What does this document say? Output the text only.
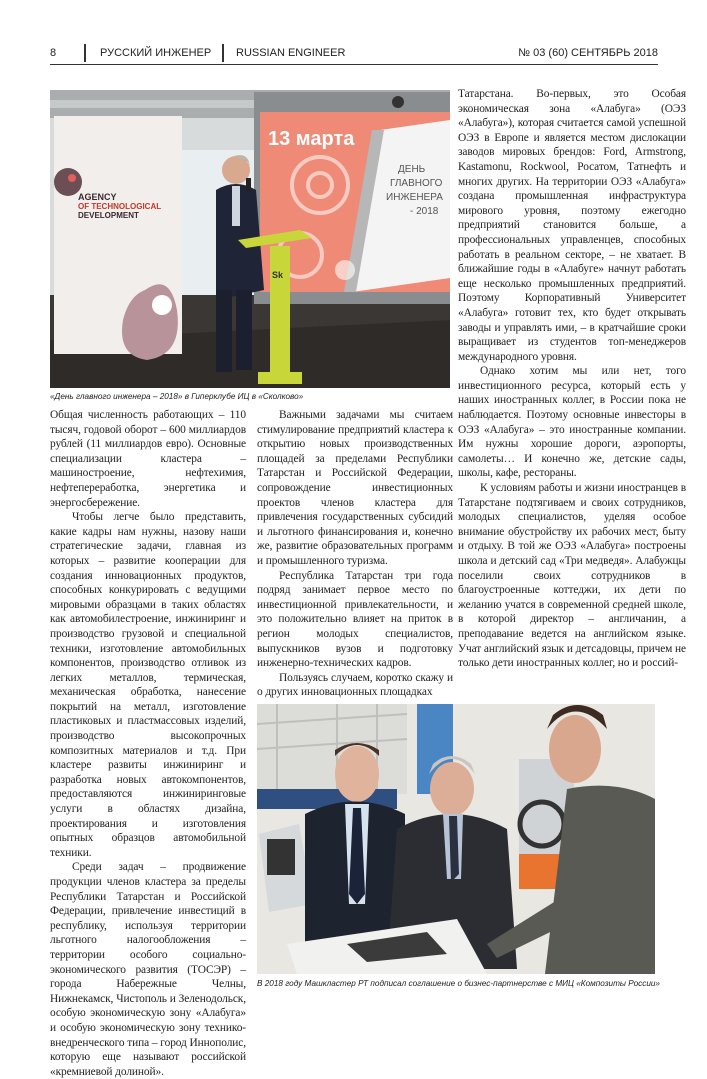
8	РУССКИЙ ИНЖЕНЕР RUSSIAN ENGINEER	№ 03 (60) СЕНТЯБРЬ 2018
AGENCY
OF TECHNOLOGICAL
DEVELOPMENT
13 марта
ДЕНЬ
ГЛАВНОГО
ИНЖЕНЕРА
- 2018
Sk
«День главного инженера – 2018» в Гиперклубе ИЦ в «Сколково»

Татарстана. Во-первых, это Особая экономическая зона «Алабуга» (ОЭЗ «Алабуга»), которая считается самой успешной ОЭЗ в Европе и является местом дислокации заводов мировых брендов: Ford, Armstrong, Kastamonu, Rockwool, Росатом, Татнефть и многих других. На территории ОЭЗ «Алабуга» создана промышленная инфраструктура мирового уровня, поэтому ежегодно предприятий становится больше, а профессиональных управленцев, способных работать в реальном секторе, – не хватает. В ближайшие годы в «Алабуге» начнут работать еще несколько промышленных предприятий. Поэтому Корпоративный Университет «Алабуга» готовит тех, кто будет открывать заводы и управлять ими, – в кратчайшие сроки выращивает из студентов топ-менеджеров международного уровня.

Однако хотим мы или нет, того инвестиционного ресурса, который есть у наших иностранных коллег, в России пока не наблюдается. Поэтому основные инвесторы в ОЭЗ «Алабуга» – это иностранные компании. Им нужны хорошие дороги, аэропорты, самолеты… И конечно же, детские сады, школы, кафе, рестораны.

К условиям работы и жизни иностранцев в Татарстане подтягиваем и своих сотрудников, молодых специалистов, уделяя особое внимание обустройству их рабочих мест, быту и отдыху. В той же ОЭЗ «Алабуга» построены школа и детский сад «Три медведя». Алабужцы поселили своих сотрудников в благоустроенные коттеджи, их дети по желанию учатся в современной средней школе, в которой директор – англичанин, а преподавание ведется на английском языке. Учат английский язык и детсадовцы, причем не только дети иностранных коллег, но и россий-

Общая численность работающих – 110 тысяч, годовой оборот – 600 миллиардов рублей (11 миллиардов евро). Основные специализации кластера – машиностроение, нефтехимия, нефтепереработка, энергетика и энергосбережение.

Чтобы легче было представить, какие кадры нам нужны, назову наши стратегические задачи, главная из которых – развитие кооперации для создания инновационных продуктов, способных конкурировать с ведущими мировыми образцами в таких областях как автомобилестроение, инжиниринг и производство грузовой и специальной техники, изготовление автомобильных компонентов, производство отливок из легких металлов, термическая, механическая обработка, нанесение покрытий на металл, изготовление пластиковых и пластмассовых изделий, производство высокопрочных композитных материалов и т.д. При кластере развиты инжиниринг и разработка новых автокомпонентов, предоставляются инжиниринговые услуги в областях дизайна, проектирования и изготовления опытных образцов автомобильной техники.

Среди задач – продвижение продукции членов кластера за пределы Республики Татарстан и Российской Федерации, привлечение инвестиций в республику, используя территории льготного налогообложения – территории особого социально-экономического развития (ТОСЭР) – города Набережные Челны, Нижнекамск, Чистополь и Зеленодольск, особую экономическую зону «Алабуга» и особую экономическую зону технико-внедренческого типа – город Иннополис, которую еще называют российской «кремниевой долиной».

Важными задачами мы считаем стимулирование предприятий кластера к открытию новых производственных площадей за пределами Республики Татарстан и Российской Федерации, сопровождение инвестиционных проектов членов кластера для привлечения государственных субсидий и льготного финансирования и, конечно же, развитие образовательных программ и промышленного туризма.

Республика Татарстан три года подряд занимает первое место по инвестиционной привлекательности, и это положительно влияет на приток в регион молодых специалистов, выпускников вузов и подготовку инженерно-технических кадров.

Пользуясь случаем, коротко скажу и о других инновационных площадках

В 2018 году Машкластер РТ подписал соглашение о бизнес-партнерстве с МИЦ «Композиты России»
